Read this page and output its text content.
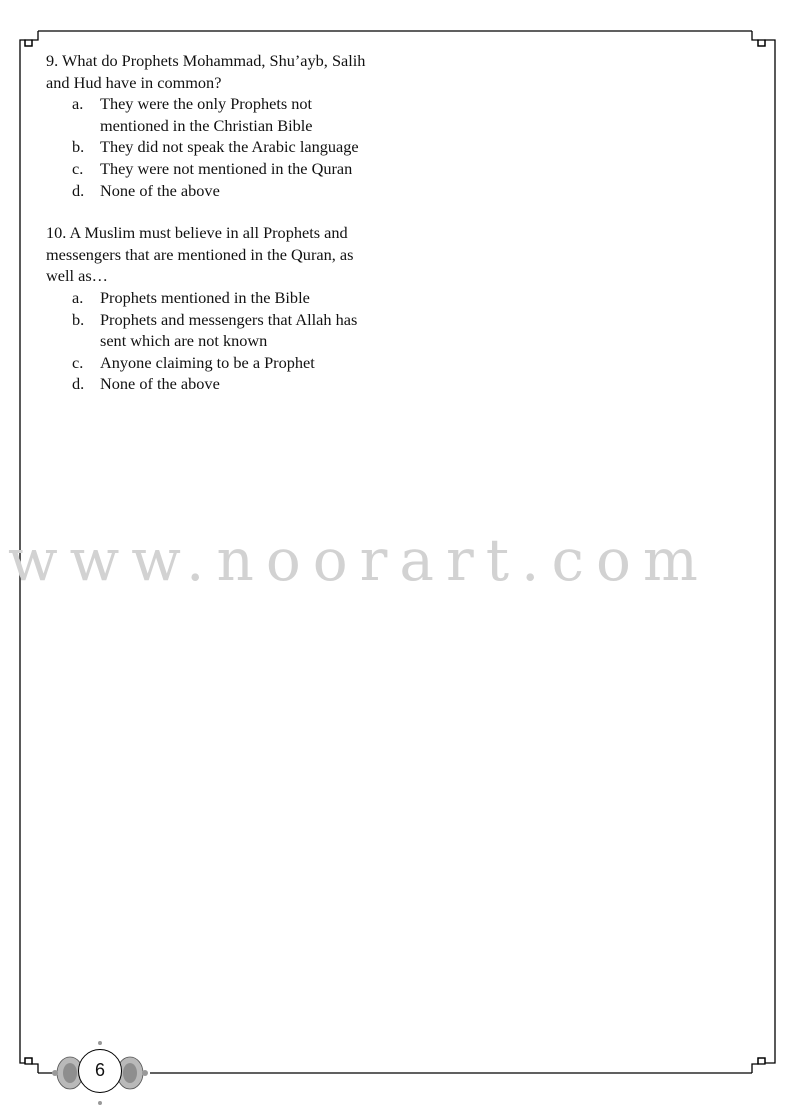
9. What do Prophets Mohammad, Shu’ayb, Salih and Hud have in common?

a.	They were the only Prophets not mentioned in the Christian Bible
b. They did not speak the Arabic language
c.	They were not mentioned in the Quran
d. None of the above

10. A Muslim must believe in all Prophets and messengers that are mentioned in the Quran, as well as…

a.	Prophets mentioned in the Bible
b. Prophets and messengers that Allah has sent which are not known
c.	Anyone claiming to be a Prophet
d. None of the above
www.noorart.com
6
